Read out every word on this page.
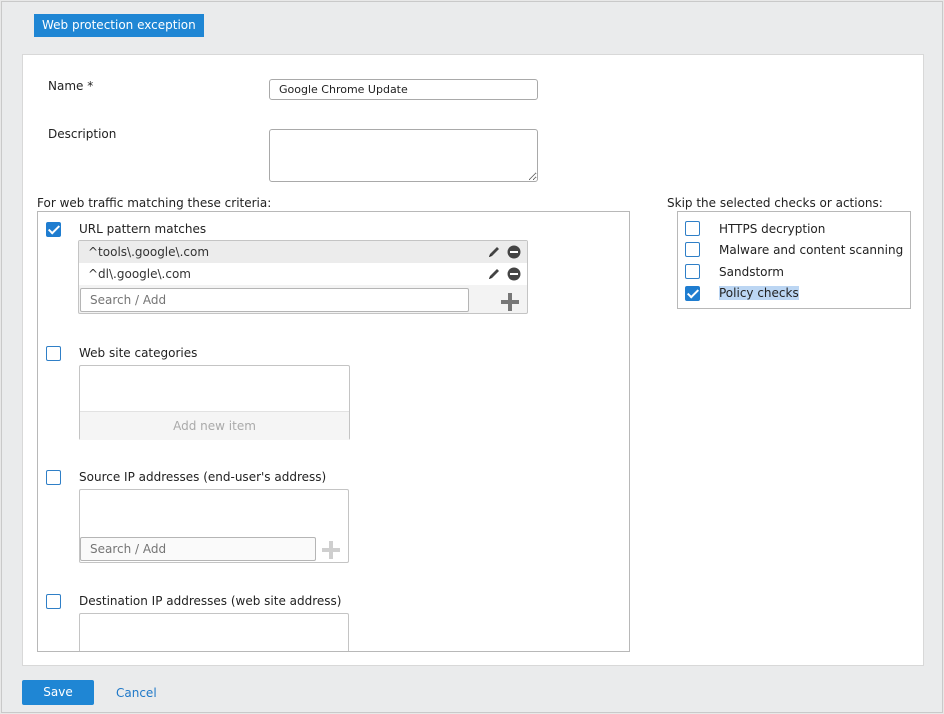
Web protection exception
Name *
Google Chrome Update
Description
For web traffic matching these criteria:
URL pattern matches
^tools\.google\.com
^dl\.google\.com
Search / Add
Web site categories
Add new item
Source IP addresses (end-user's address)
Search / Add
Destination IP addresses (web site address)
Skip the selected checks or actions:
HTTPS decryption
Malware and content scanning
Sandstorm
Policy checks
Save	Cancel
